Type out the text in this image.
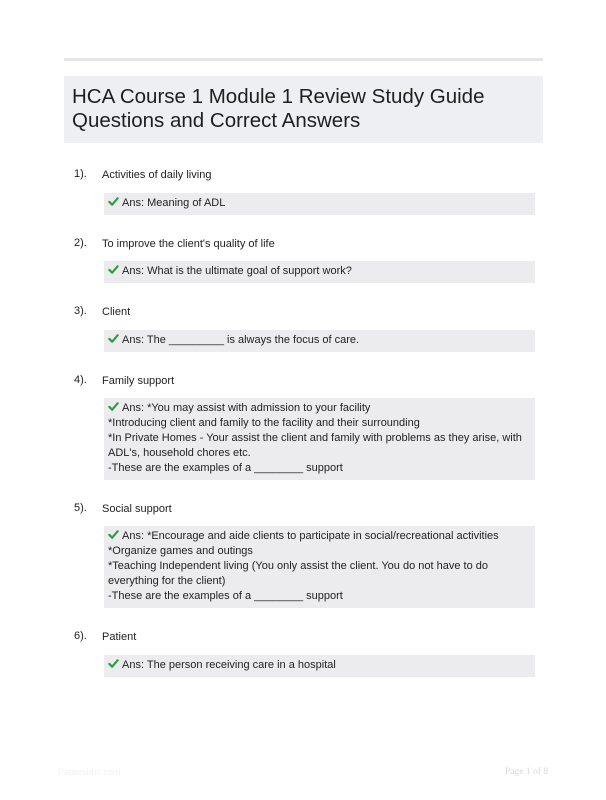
HCA Course 1 Module 1 Review Study Guide Questions and Correct Answers
1). Activities of daily living
Ans: Meaning of ADL
2). To improve the client's quality of life
Ans: What is the ultimate goal of support work?
3). Client
Ans: The _________ is always the focus of care.
4). Family support
Ans: *You may assist with admission to your facility
*Introducing client and family to the facility and their surrounding
*In Private Homes - Your assist the client and family with problems as they arise, with ADL's, household chores etc.
-These are the examples of a ________ support
5). Social support
Ans: *Encourage and aide clients to participate in social/recreational activities
*Organize games and outings
*Teaching Independent living (You only assist the client. You do not have to do everything for the client)
-These are the examples of a ________ support
6). Patient
Ans: The person receiving care in a hospital
Papersbbc.com	Page 1 of 8
